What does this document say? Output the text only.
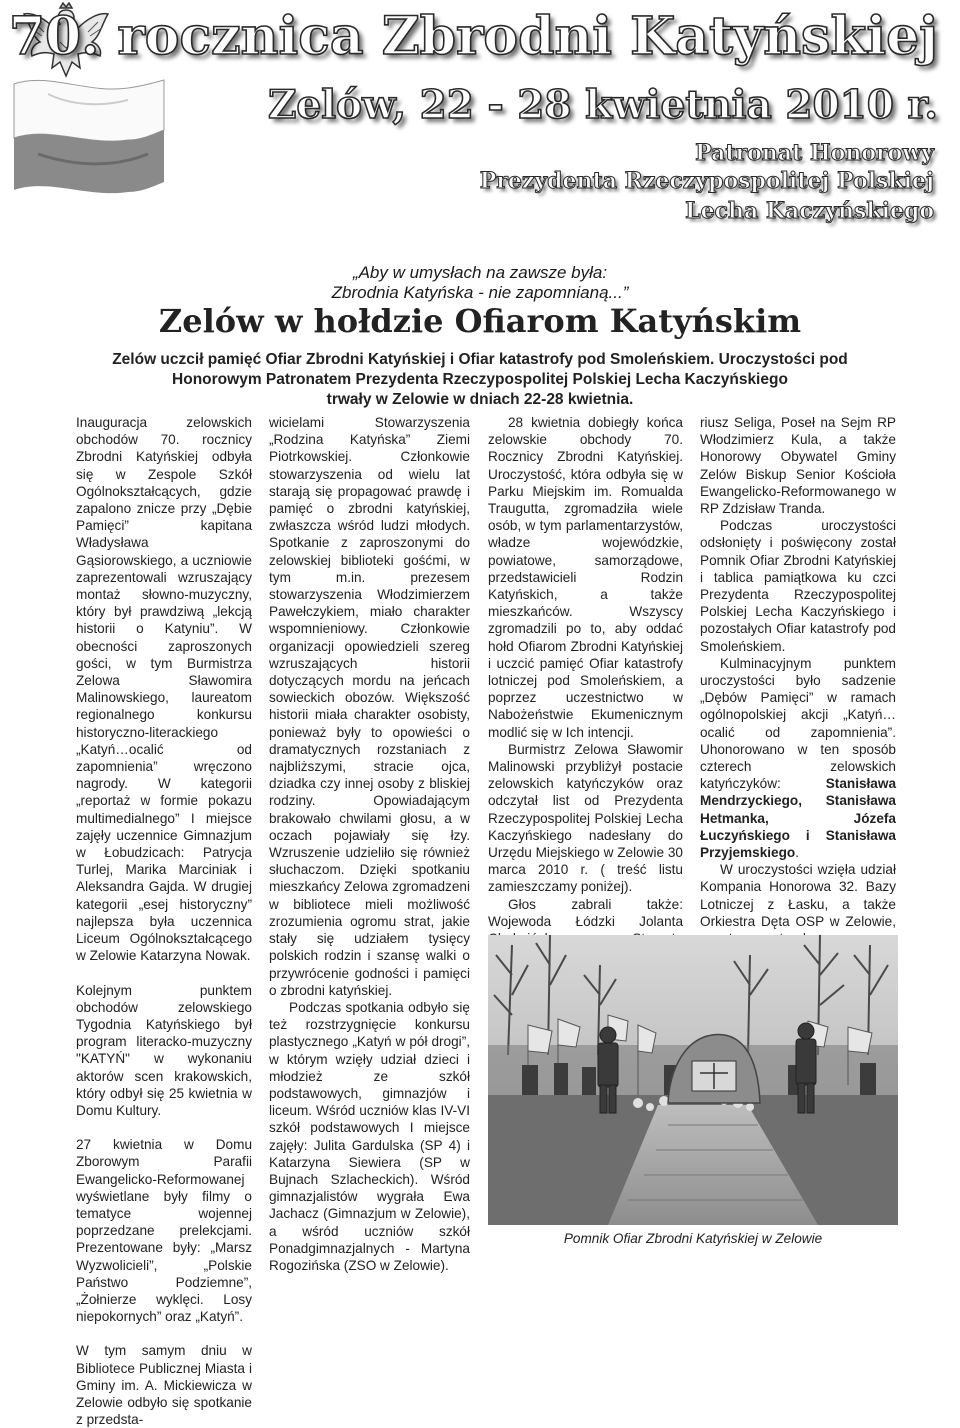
70. rocznica Zbrodni Katyńskiej
Zelów, 22 - 28 kwietnia 2010 r.
Patronat Honorowy
Prezydenta Rzeczypospolitej Polskiej
Lecha Kaczyńskiego
„Aby w umysłach na zawsze była:
Zbrodnia Katyńska - nie zapomnianą...”
Zelów w hołdzie Ofiarom Katyńskim
Zelów uczcił pamięć Ofiar Zbrodni Katyńskiej i Ofiar katastrofy pod Smoleńskiem. Uroczystości pod
Honorowym Patronatem Prezydenta Rzeczypospolitej Polskiej Lecha Kaczyńskiego
trwały w Zelowie w dniach 22-28 kwietnia.

Inauguracja zelowskich obchodów 70. rocznicy Zbrodni Katyńskiej odbyła się w Zespole Szkół Ogólnokształcących, gdzie zapalono znicze przy „Dębie Pamięci” kapitana Władysława Gąsiorowskiego, a uczniowie zaprezentowali wzruszający montaż słowno-muzyczny, który był prawdziwą „lekcją historii o Katyniu”. W obecności zaproszonych gości, w tym Burmistrza Zelowa Sławomira Malinowskiego, laureatom regionalnego konkursu historyczno-literackiego „Katyń…ocalić od zapomnienia” wręczono nagrody. W kategorii „reportaż w formie pokazu multimedialnego” I miejsce zajęły uczennice Gimnazjum w Łobudzicach: Patrycja Turlej, Marika Marciniak i Aleksandra Gajda. W drugiej kategorii „esej historyczny” najlepsza była uczennica Liceum Ogólnokształcącego w Zelowie Katarzyna Nowak.

Kolejnym punktem obchodów zelowskiego Tygodnia Katyńskiego był program literacko-muzyczny "KATYŃ" w wykonaniu aktorów scen krakowskich, który odbył się 25 kwietnia w Domu Kultury.

27 kwietnia w Domu Zborowym Parafii Ewangelicko-Reformowanej wyświetlane były filmy o tematyce wojennej poprzedzane prelekcjami. Prezentowane były: „Marsz Wyzwolicieli”, „Polskie Państwo Podziemne”, „Żołnierze wyklęci. Losy niepokornych” oraz „Katyń”.

W tym samym dniu w Bibliotece Publicznej Miasta i Gminy im. A. Mickiewicza w Zelowie odbyło się spotkanie z przedsta-

wicielami Stowarzyszenia „Rodzina Katyńska” Ziemi Piotrkowskiej. Członkowie stowarzyszenia od wielu lat starają się propagować prawdę i pamięć o zbrodni katyńskiej, zwłaszcza wśród ludzi młodych. Spotkanie z zaproszonymi do zelowskiej biblioteki gośćmi, w tym m.in. prezesem stowarzyszenia Włodzimierzem Pawełczykiem, miało charakter wspomnieniowy. Członkowie organizacji opowiedzieli szereg wzruszających historii dotyczących mordu na jeńcach sowieckich obozów. Większość historii miała charakter osobisty, ponieważ były to opowieści o dramatycznych rozstaniach z najbliższymi, stracie ojca, dziadka czy innej osoby z bliskiej rodziny. Opowiadającym brakowało chwilami głosu, a w oczach pojawiały się łzy. Wzruszenie udzieliło się również słuchaczom. Dzięki spotkaniu mieszkańcy Zelowa zgromadzeni w bibliotece mieli możliwość zrozumienia ogromu strat, jakie stały się udziałem tysięcy polskich rodzin i szansę walki o przywrócenie godności i pamięci o zbrodni katyńskiej.

Podczas spotkania odbyło się też rozstrzygnięcie konkursu plastycznego „Katyń w pół drogi”, w którym wzięły udział dzieci i młodzież ze szkół podstawowych, gimnazjów i liceum. Wśród uczniów klas IV-VI szkół podstawowych I miejsce zajęły: Julita Gardulska (SP 4) i Katarzyna Siewiera (SP w Bujnach Szlacheckich). Wśród gimnazjalistów wygrała Ewa Jachacz (Gimnazjum w Zelowie), a wśród uczniów szkół Ponadgimnazjalnych - Martyna Rogozińska (ZSO w Zelowie).

28 kwietnia dobiegły końca zelowskie obchody 70. Rocznicy Zbrodni Katyńskiej. Uroczystość, która odbyła się w Parku Miejskim im. Romualda Traugutta, zgromadziła wiele osób, w tym parlamentarzystów, władze wojewódzkie, powiatowe, samorządowe, przedstawicieli Rodzin Katyńskich, a także mieszkańców. Wszyscy zgromadzili po to, aby oddać hołd Ofiarom Zbrodni Katyńskiej i uczcić pamięć Ofiar katastrofy lotniczej pod Smoleńskiem, a poprzez uczestnictwo w Nabożeństwie Ekumenicznym modlić się w Ich intencji.

Burmistrz Zelowa Sławomir Malinowski przybliżył postacie zelowskich katyńczyków oraz odczytał list od Prezydenta Rzeczypospolitej Polskiej Lecha Kaczyńskiego nadesłany do Urzędu Miejskiego w Zelowie 30 marca 2010 r. ( treść listu zamieszczamy poniżej).

Głos zabrali także: Wojewoda Łódzki Jolanta

riusz Seliga, Poseł na Sejm RP Włodzimierz Kula, a także Honorowy Obywatel Gminy Zelów Biskup Senior Kościoła Ewangelicko-Reformowanego w RP Zdzisław Tranda.

Podczas uroczystości odsłonięty i poświęcony został Pomnik Ofiar Zbrodni Katyńskiej i tablica pamiątkowa ku czci Prezydenta Rzeczypospolitej Polskiej Lecha Kaczyńskiego i pozostałych Ofiar katastrofy pod Smoleńskiem.

Kulminacyjnym punktem uroczystości było sadzenie „Dębów Pamięci” w ramach ogólnopolskiej akcji „Katyń…ocalić od zapomnienia”. Uhonorowano w ten sposób czterech zelowskich katyńczyków: Stanisława Mendrzyckiego, Stanisława Hetmanka, Józefa Łuczyńskiego i Stanisława Przyjemskiego.

W uroczystości wzięła udział Kompania Honorowa 32. Bazy Lotniczej z Łasku, a także Orkiestra Dęta OSP w Zelowie,

Pomnik Ofiar Zbrodni Katyńskiej w Zelowie
